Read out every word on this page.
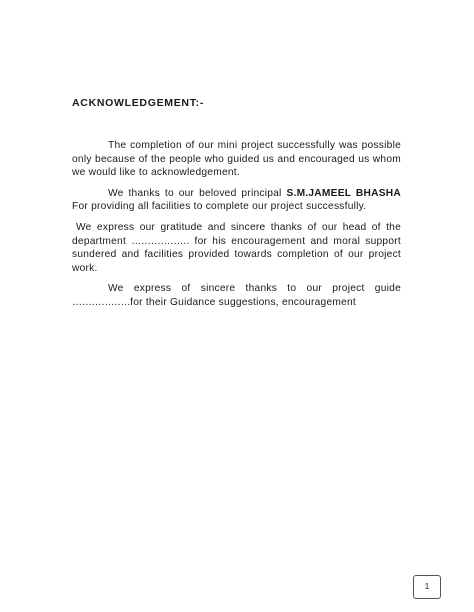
ACKNOWLEDGEMENT:-

The completion of our mini project successfully was possible only because of the people who guided us and encouraged us whom we would like to acknowledgement.

We thanks to our beloved principal S.M.JAMEEL BHASHA For providing all facilities to complete our project successfully.

We express our gratitude and sincere thanks of our head of the department ……………… for his encouragement and moral support sundered and facilities provided towards completion of our project work.

We express of sincere thanks to our project guide ………………for their Guidance suggestions, encouragement

1
